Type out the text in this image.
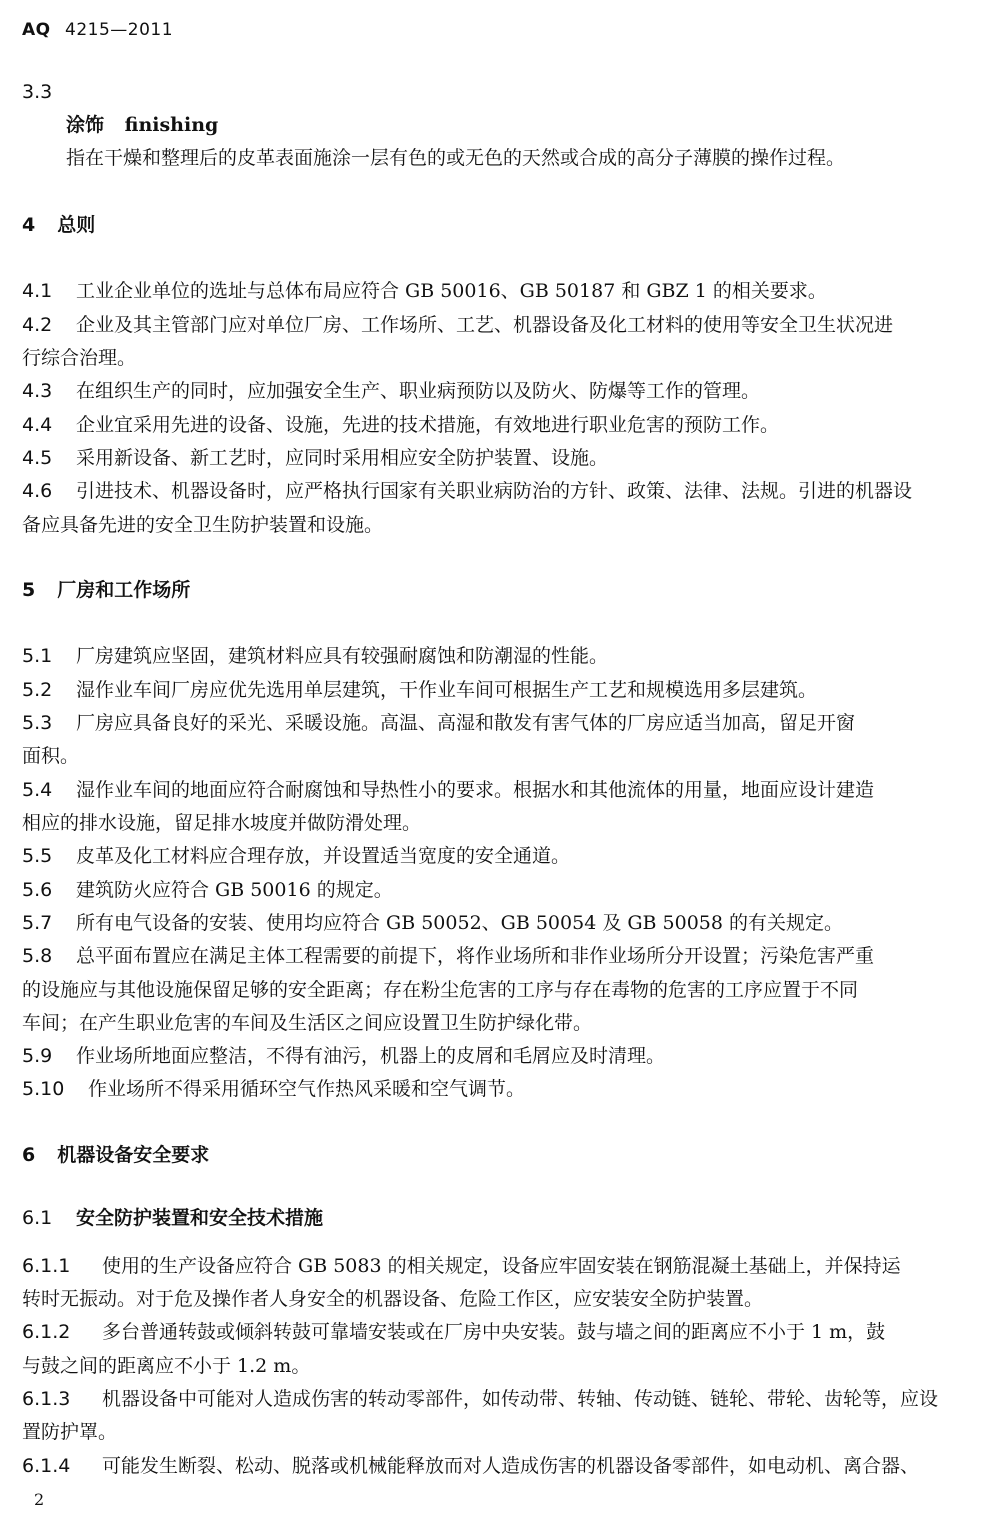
AQ 4215—2011
3.3
涂饰 finishing
指在干燥和整理后的皮革表面施涂一层有色的或无色的天然或合成的高分子薄膜的操作过程。
4 总则
4.1 工业企业单位的选址与总体布局应符合 GB 50016、GB 50187 和 GBZ 1 的相关要求。
4.2 企业及其主管部门应对单位厂房、工作场所、工艺、机器设备及化工材料的使用等安全卫生状况进
行综合治理。
4.3 在组织生产的同时，应加强安全生产、职业病预防以及防火、防爆等工作的管理。
4.4 企业宜采用先进的设备、设施，先进的技术措施，有效地进行职业危害的预防工作。
4.5 采用新设备、新工艺时，应同时采用相应安全防护装置、设施。
4.6 引进技术、机器设备时，应严格执行国家有关职业病防治的方针、政策、法律、法规。引进的机器设
备应具备先进的安全卫生防护装置和设施。
5 厂房和工作场所
5.1 厂房建筑应坚固，建筑材料应具有较强耐腐蚀和防潮湿的性能。
5.2 湿作业车间厂房应优先选用单层建筑，干作业车间可根据生产工艺和规模选用多层建筑。
5.3 厂房应具备良好的采光、采暖设施。高温、高湿和散发有害气体的厂房应适当加高，留足开窗
面积。
5.4 湿作业车间的地面应符合耐腐蚀和导热性小的要求。根据水和其他流体的用量，地面应设计建造
相应的排水设施，留足排水坡度并做防滑处理。
5.5 皮革及化工材料应合理存放，并设置适当宽度的安全通道。
5.6 建筑防火应符合 GB 50016 的规定。
5.7 所有电气设备的安装、使用均应符合 GB 50052、GB 50054 及 GB 50058 的有关规定。
5.8 总平面布置应在满足主体工程需要的前提下，将作业场所和非作业场所分开设置；污染危害严重
的设施应与其他设施保留足够的安全距离；存在粉尘危害的工序与存在毒物的危害的工序应置于不同
车间；在产生职业危害的车间及生活区之间应设置卫生防护绿化带。
5.9 作业场所地面应整洁，不得有油污，机器上的皮屑和毛屑应及时清理。
5.10 作业场所不得采用循环空气作热风采暖和空气调节。
6 机器设备安全要求
6.1 安全防护装置和安全技术措施
6.1.1 使用的生产设备应符合 GB 5083 的相关规定，设备应牢固安装在钢筋混凝土基础上，并保持运
转时无振动。对于危及操作者人身安全的机器设备、危险工作区，应安装安全防护装置。
6.1.2 多台普通转鼓或倾斜转鼓可靠墙安装或在厂房中央安装。鼓与墙之间的距离应不小于 1 m，鼓
与鼓之间的距离应不小于 1.2 m。
6.1.3 机器设备中可能对人造成伤害的转动零部件，如传动带、转轴、传动链、链轮、带轮、齿轮等，应设
置防护罩。
6.1.4 可能发生断裂、松动、脱落或机械能释放而对人造成伤害的机器设备零部件，如电动机、离合器、
2
